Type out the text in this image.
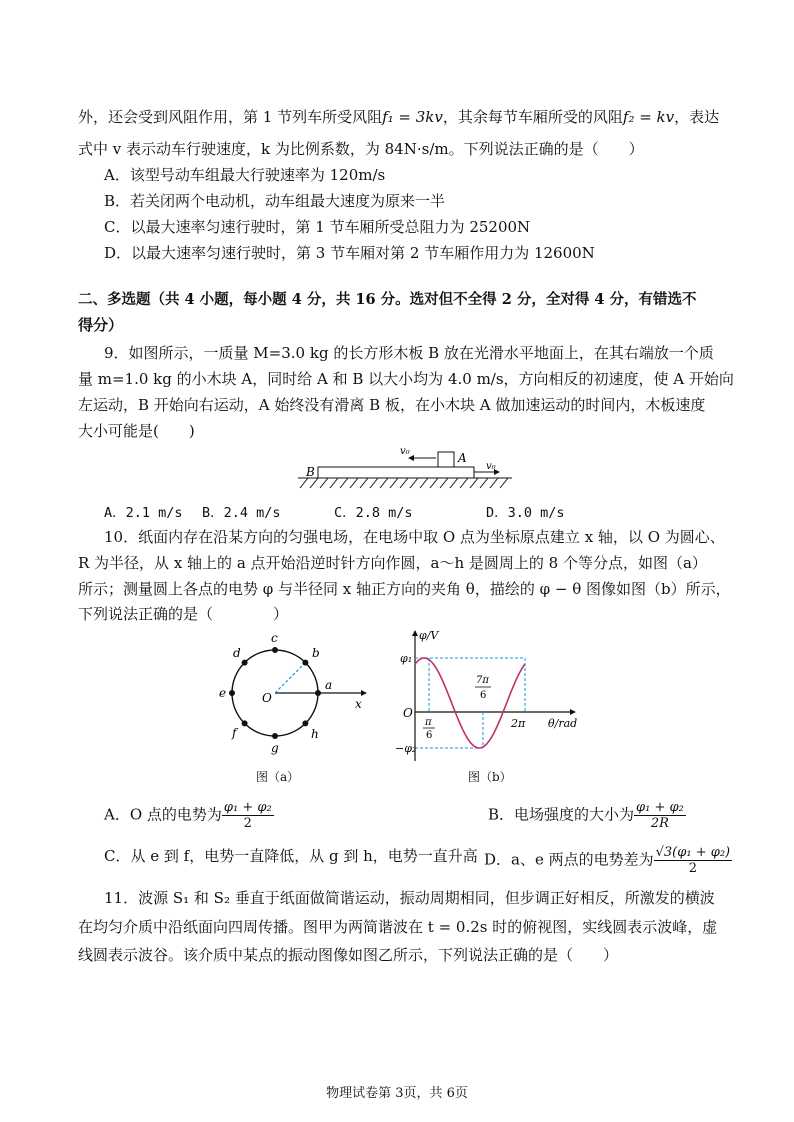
外，还会受到风阻作用，第 1 节列车所受风阻f₁ = 3kv，其余每节车厢所受的风阻f₂ = kv，表达
式中 v 表示动车行驶速度，k 为比例系数，为 84N·s/m。下列说法正确的是（　　）
A．该型号动车组最大行驶速率为 120m/s
B．若关闭两个电动机，动车组最大速度为原来一半
C．以最大速率匀速行驶时，第 1 节车厢所受总阻力为 25200N
D．以最大速率匀速行驶时，第 3 节车厢对第 2 节车厢作用力为 12600N
二、多选题（共 4 小题，每小题 4 分，共 16 分。选对但不全得 2 分，全对得 4 分，有错选不
得分）
9．如图所示，一质量 M=3.0 kg 的长方形木板 B 放在光滑水平地面上，在其右端放一个质
量 m=1.0 kg 的小木块 A，同时给 A 和 B 以大小均为 4.0 m/s，方向相反的初速度，使 A 开始向
左运动，B 开始向右运动，A 始终没有滑离 B 板，在小木块 A 做加速运动的时间内，木板速度
大小可能是(　　)
B
A
v₀
v₀
A．2.1 m/s B．2.4 m/s	C．2.8 m/s	D．3.0 m/s
10．纸面内存在沿某方向的匀强电场，在电场中取 O 点为坐标原点建立 x 轴，以 O 为圆心、
R 为半径，从 x 轴上的 a 点开始沿逆时针方向作圆，a～h 是圆周上的 8 个等分点，如图（a）
所示；测量圆上各点的电势 φ 与半径同 x 轴正方向的夹角 θ，描绘的 φ − θ 图像如图（b）所示，
下列说法正确的是（　　　　）
a
b
c
d
e
f
g
h
O	x
图（a）
φ/V
φ₁
−φ₂
O
π
6
7π
6
2π θ/rad
图（b）
A．O 点的电势为 $\frac{\text{φ₁ + φ₂}}{2}$	B．电场强度的大小为 $\frac{\text{φ₁ + φ₂}}{2R}$
C．从 e 到 f，电势一直降低，从 g 到 h，电势一直升高 D．a、e 两点的电势差为 $\frac{\text{√3(φ₁ + φ₂)}}{2}$
11．波源 S₁ 和 S₂ 垂直于纸面做简谐运动，振动周期相同，但步调正好相反，所激发的横波
在均匀介质中沿纸面向四周传播。图甲为两简谐波在 t = 0.2s 时的俯视图，实线圆表示波峰，虚
线圆表示波谷。该介质中某点的振动图像如图乙所示，下列说法正确的是（　　）
物理试卷第 3页，共 6页
